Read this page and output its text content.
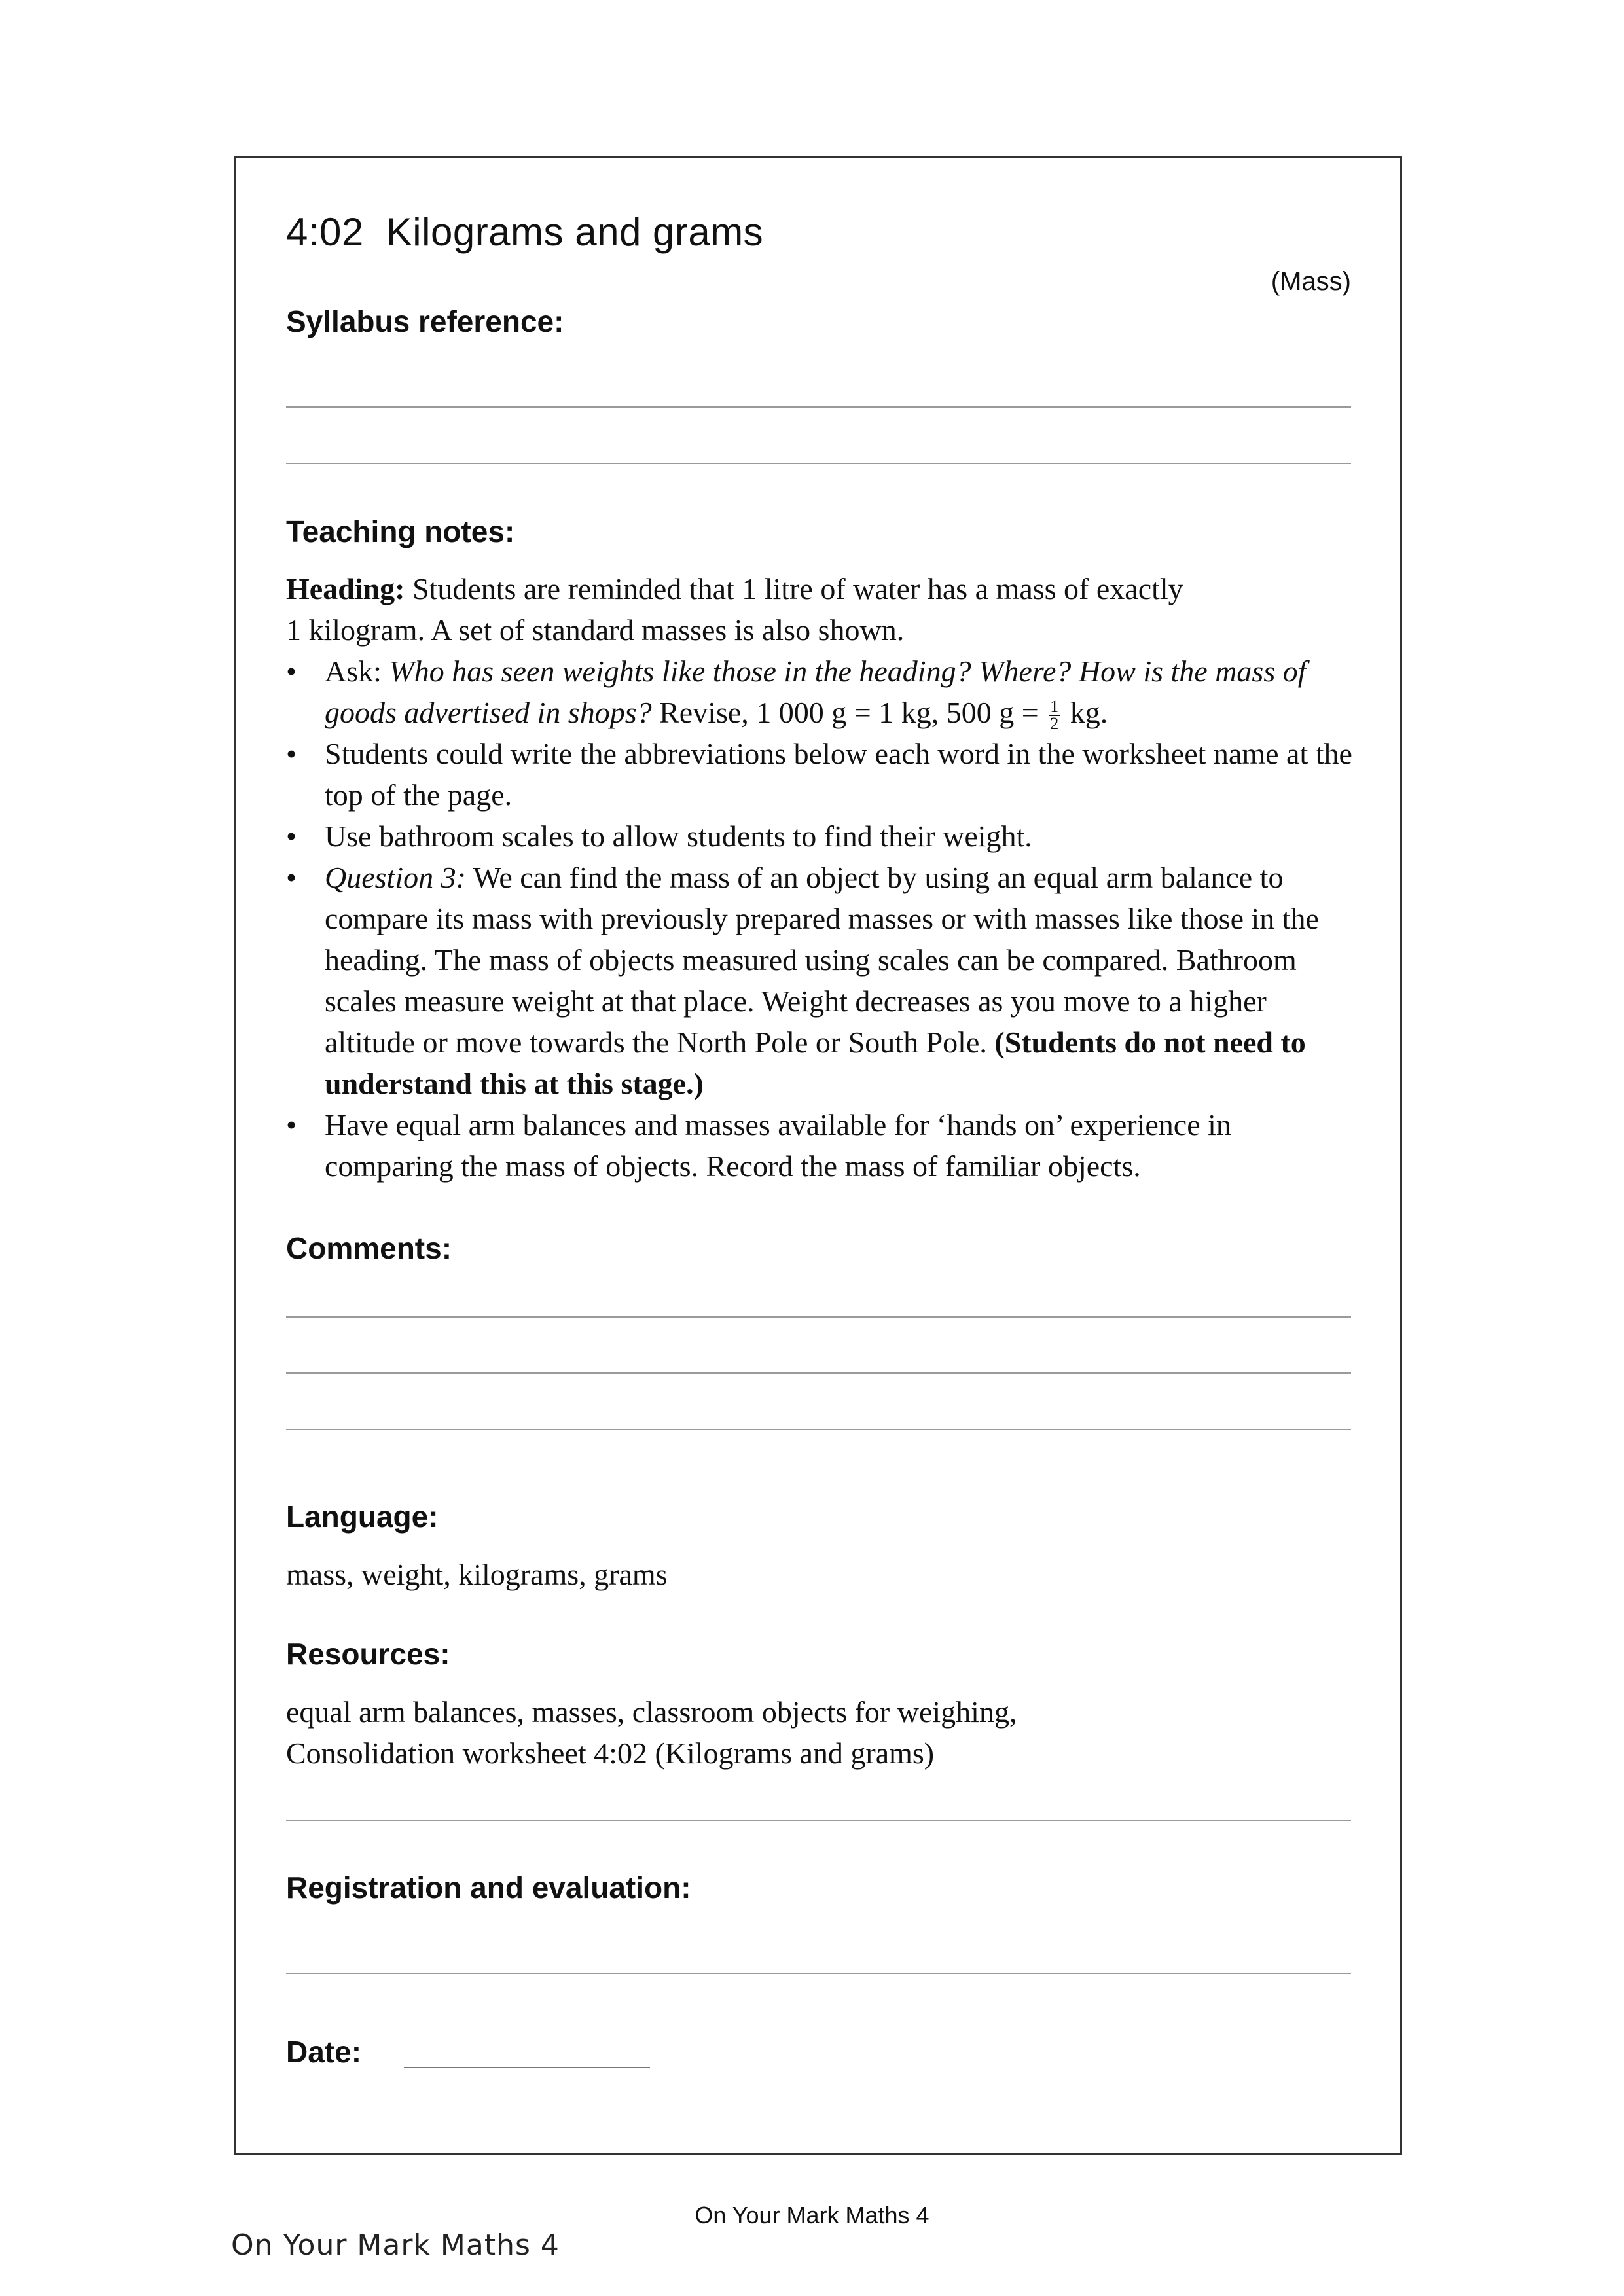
4:02 Kilograms and grams
(Mass)
Syllabus reference:
Teaching notes:

Heading: Students are reminded that 1 litre of water has a mass of exactly

1 kilogram. A set of standard masses is also shown.

• Ask: Who has seen weights like those in the heading? Where? How is the mass of goods advertised in shops? Revise, 1 000 g = 1 kg, 500 $g = \frac{1}{2}$ kg.
• Students could write the abbreviations below each word in the worksheet name at the top of the page.
• Use bathroom scales to allow students to find their weight.
• Question 3: We can find the mass of an object by using an equal arm balance to compare its mass with previously prepared masses or with masses like those in the heading. The mass of objects measured using scales can be compared. Bathroom scales measure weight at that place. Weight decreases as you move to a higher altitude or move towards the North Pole or South Pole. (Students do not need to understand this at this stage.)
• Have equal arm balances and masses available for ‘hands on’ experience in comparing the mass of objects. Record the mass of familiar objects.
Comments:
Language:
mass, weight, kilograms, grams
Resources:

equal arm balances, masses, classroom objects for weighing,

Consolidation worksheet 4:02 (Kilograms and grams)

Registration and evaluation:
Date:
On Your Mark Maths 4
On Your Mark Maths 4
